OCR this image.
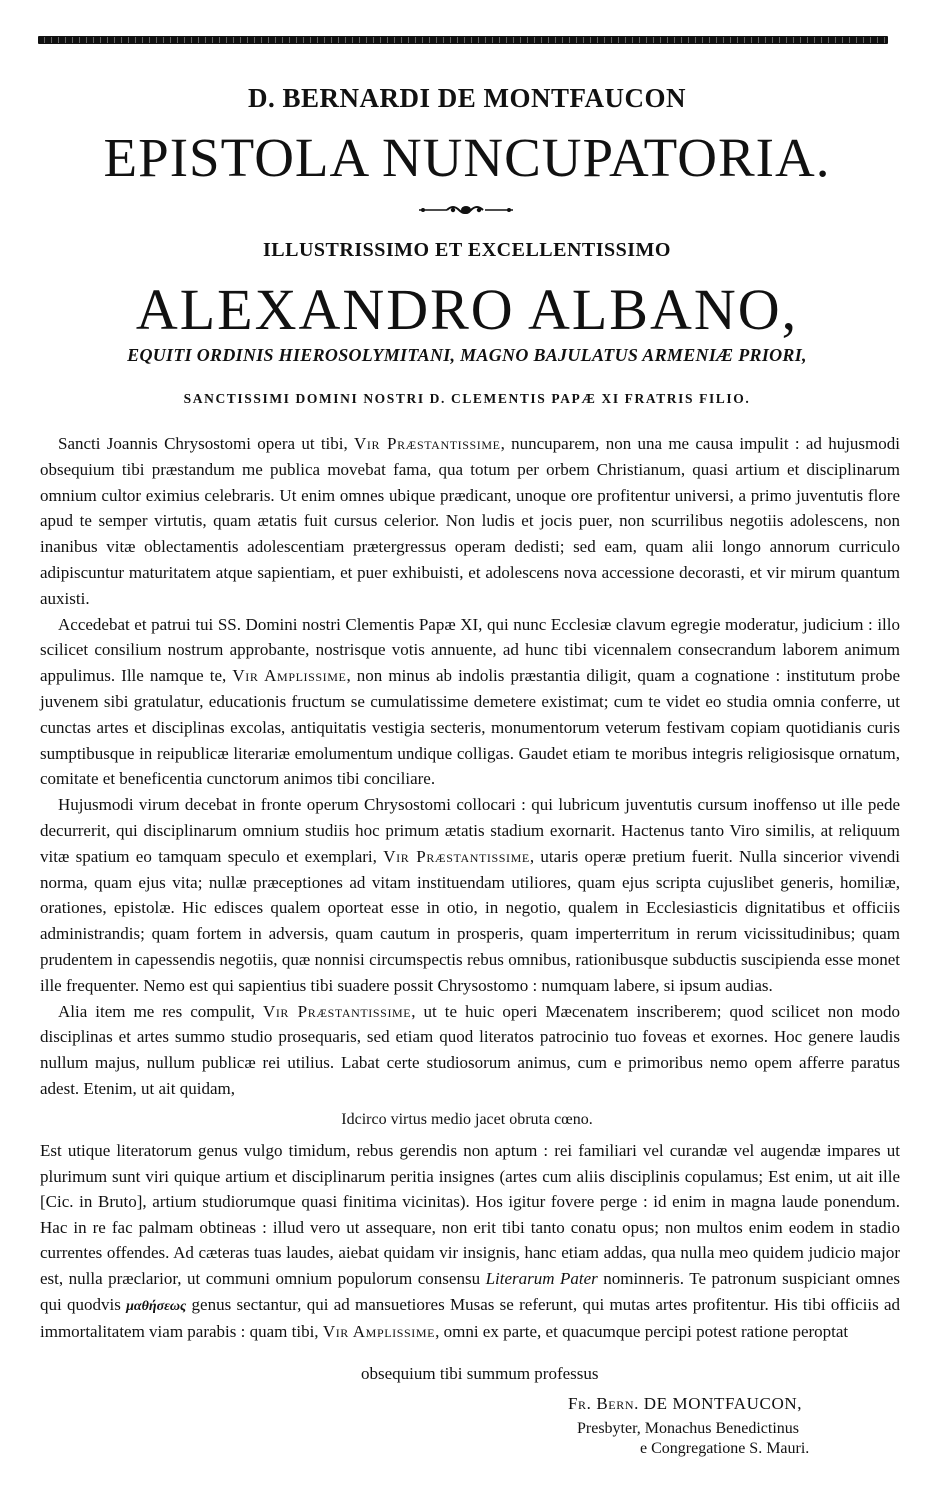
D. BERNARDI DE MONTFAUCON
EPISTOLA NUNCUPATORIA.
ILLUSTRISSIMO ET EXCELLENTISSIMO
ALEXANDRO ALBANO,
EQUITI ORDINIS HIEROSOLYMITANI, MAGNO BAJULATUS ARMENIÆ PRIORI,
SANCTISSIMI DOMINI NOSTRI D. CLEMENTIS PAPÆ XI FRATRIS FILIO.

Sancti Joannis Chrysostomi opera ut tibi, Vir Præstantissime, nuncuparem, non una me causa impulit : ad hujusmodi obsequium tibi præstandum me publica movebat fama, qua totum per orbem Christianum, quasi artium et disciplinarum omnium cultor eximius celebraris. Ut enim omnes ubique prædicant, unoque ore profitentur universi, a primo juventutis flore apud te semper virtutis, quam ætatis fuit cursus celerior. Non ludis et jocis puer, non scurrilibus negotiis adolescens, non inanibus vitæ oblectamentis adolescentiam prætergressus operam dedisti; sed eam, quam alii longo annorum curriculo adipiscuntur maturitatem atque sapientiam, et puer exhibuisti, et adolescens nova accessione decorasti, et vir mirum quantum auxisti.

Accedebat et patrui tui SS. Domini nostri Clementis Papæ XI, qui nunc Ecclesiæ clavum egregie moderatur, judicium : illo scilicet consilium nostrum approbante, nostrisque votis annuente, ad hunc tibi vicennalem consecrandum laborem animum appulimus. Ille namque te, Vir Amplissime, non minus ab indolis præstantia diligit, quam a cognatione : institutum probe juvenem sibi gratulatur, educationis fructum se cumulatissime demetere existimat; cum te videt eo studia omnia conferre, ut cunctas artes et disciplinas excolas, antiquitatis vestigia secteris, monumentorum veterum festivam copiam quotidianis curis sumptibusque in reipublicæ literariæ emolumentum undique colligas. Gaudet etiam te moribus integris religiosisque ornatum, comitate et beneficentia cunctorum animos tibi conciliare.

Hujusmodi virum decebat in fronte operum Chrysostomi collocari : qui lubricum juventutis cursum inoffenso ut ille pede decurrerit, qui disciplinarum omnium studiis hoc primum ætatis stadium exornarit. Hactenus tanto Viro similis, at reliquum vitæ spatium eo tamquam speculo et exemplari, Vir Præstantissime, utaris operæ pretium fuerit. Nulla sincerior vivendi norma, quam ejus vita; nullæ præceptiones ad vitam instituendam utiliores, quam ejus scripta cujuslibet generis, homiliæ, orationes, epistolæ. Hic edisces qualem oporteat esse in otio, in negotio, qualem in Ecclesiasticis dignitatibus et officiis administrandis; quam fortem in adversis, quam cautum in prosperis, quam imperterritum in rerum vicissitudinibus; quam prudentem in capessendis negotiis, quæ nonnisi circumspectis rebus omnibus, rationibusque subductis suscipienda esse monet ille frequenter. Nemo est qui sapientius tibi suadere possit Chrysostomo : numquam labere, si ipsum audias.

Alia item me res compulit, Vir Præstantissime, ut te huic operi Mæcenatem inscriberem; quod scilicet non modo disciplinas et artes summo studio prosequaris, sed etiam quod literatos patrocinio tuo foveas et exornes. Hoc genere laudis nullum majus, nullum publicæ rei utilius. Labat certe studiosorum animus, cum e primoribus nemo opem afferre paratus adest. Etenim, ut ait quidam,

Idcirco virtus medio jacet obruta cœno.

Est utique literatorum genus vulgo timidum, rebus gerendis non aptum : rei familiari vel curandæ vel augendæ impares ut plurimum sunt viri quique artium et disciplinarum peritia insignes (artes cum aliis disciplinis copulamus; Est enim, ut ait ille [Cic. in Bruto], artium studiorumque quasi finitima vicinitas). Hos igitur fovere perge : id enim in magna laude ponendum. Hac in re fac palmam obtineas : illud vero ut assequare, non erit tibi tanto conatu opus; non multos enim eodem in stadio currentes offendes. Ad cæteras tuas laudes, aiebat quidam vir insignis, hanc etiam addas, qua nulla meo quidem judicio major est, nulla præclarior, ut communi omnium populorum consensu Literarum Pater nominneris. Te patronum suspiciant omnes qui quodvis μαθήσεως genus sectantur, qui ad mansuetiores Musas se referunt, qui mutas artes profitentur. His tibi officiis ad immortalitatem viam parabis : quam tibi, Vir Amplissime, omni ex parte, et quacumque percipi potest ratione peroptat

obsequium tibi summum professus
Fr. Bern. DE MONTFAUCON,
Presbyter, Monachus Benedictinus
e Congregatione S. Mauri.
